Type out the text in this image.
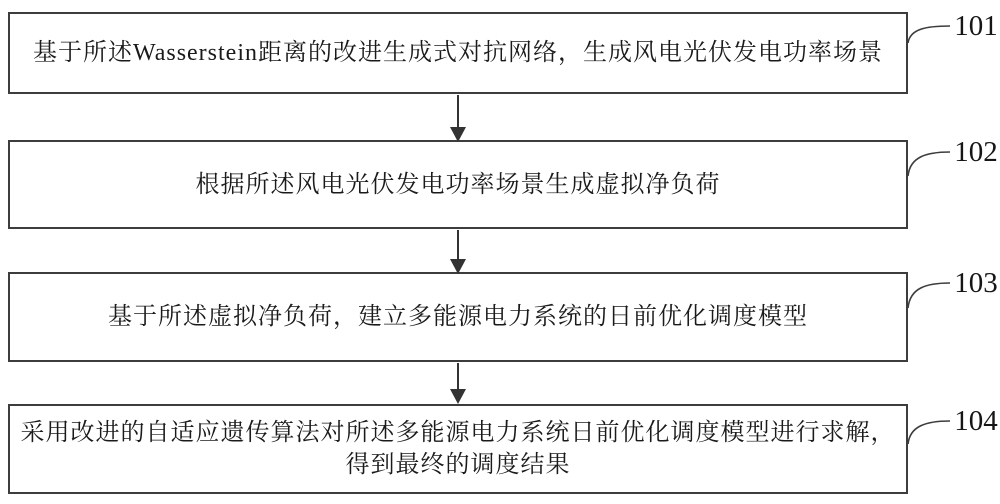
基于所述Wasserstein距离的改进生成式对抗网络，生成风电光伏发电功率场景
根据所述风电光伏发电功率场景生成虚拟净负荷
基于所述虚拟净负荷，建立多能源电力系统的日前优化调度模型
采用改进的自适应遗传算法对所述多能源电力系统日前优化调度模型进行求解，
得到最终的调度结果
101
102
103
104
